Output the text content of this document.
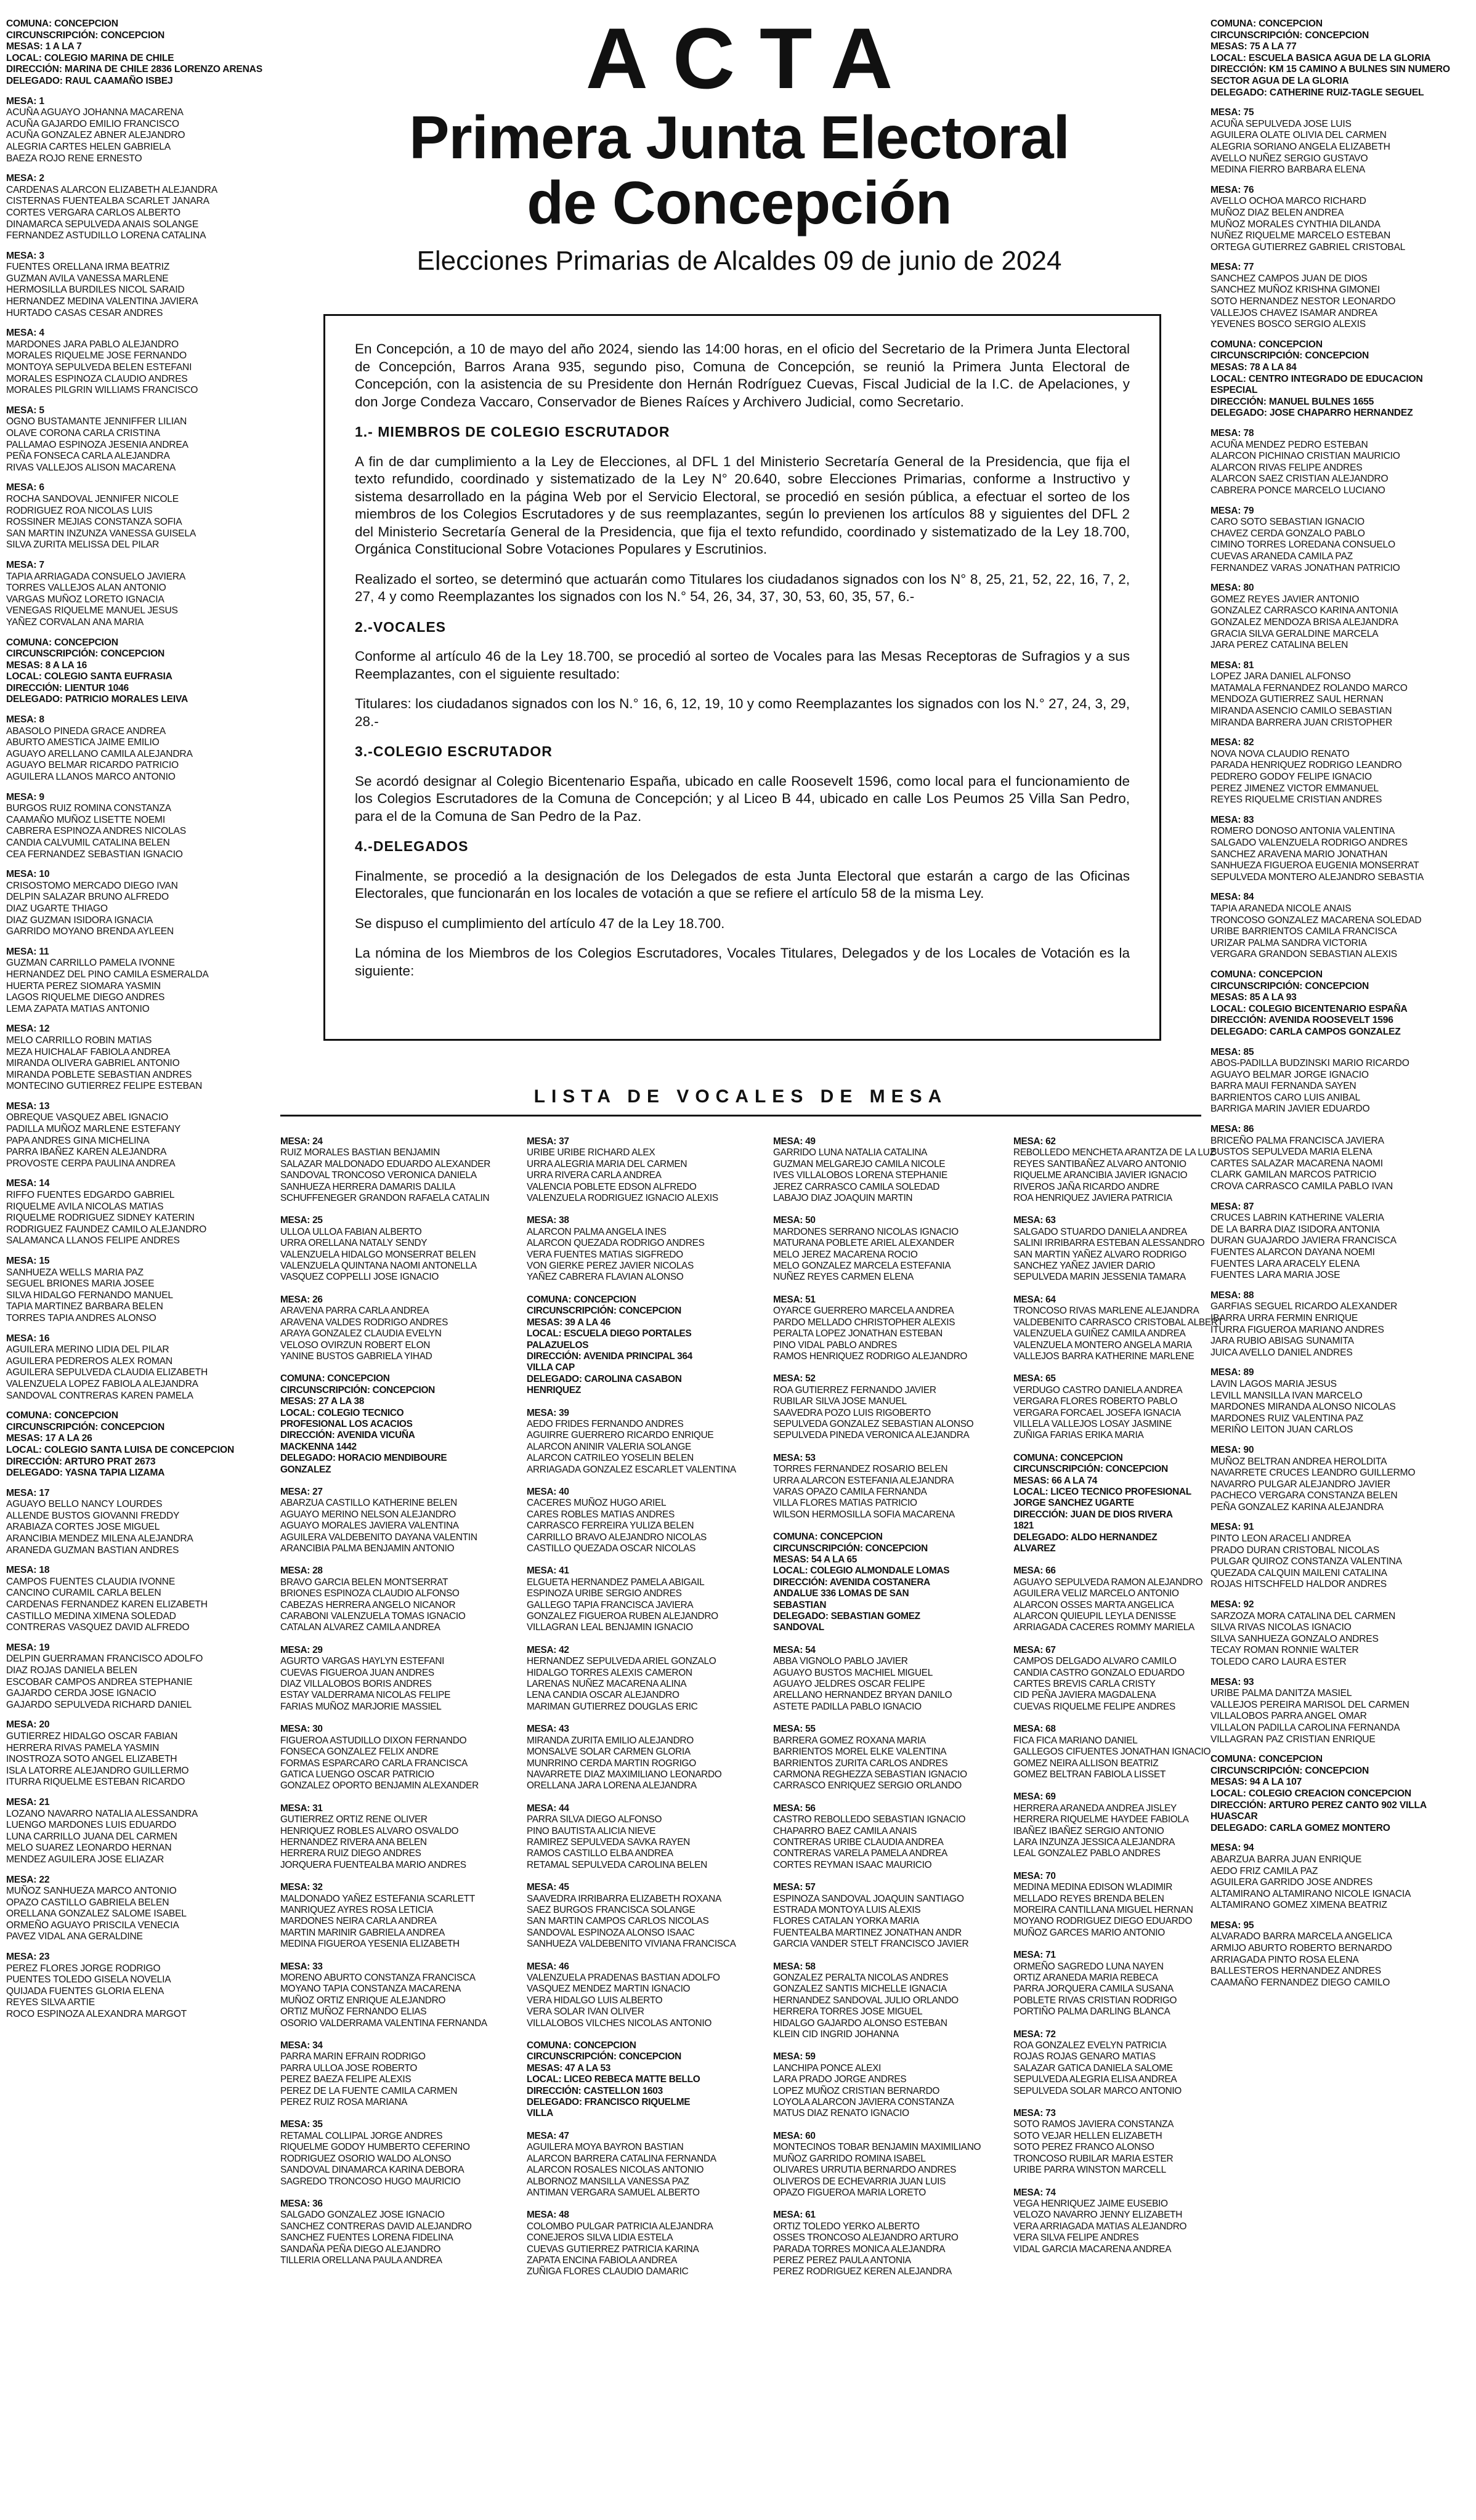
COMUNA: CONCEPCION
CIRCUNSCRIPCIÓN: CONCEPCION
MESAS: 1 A LA 7
LOCAL: COLEGIO MARINA DE CHILE
DIRECCIÓN: MARINA DE CHILE 2836 LORENZO ARENAS
DELEGADO: RAUL CAAMAÑO ISBEJ
MESA: 1
ACUÑA AGUAYO JOHANNA MACARENA
ACUÑA GAJARDO EMILIO FRANCISCO
ACUÑA GONZALEZ ABNER ALEJANDRO
ALEGRIA CARTES HELEN GABRIELA
BAEZA ROJO RENE ERNESTO
MESA: 2
CARDENAS ALARCON ELIZABETH ALEJANDRA
CISTERNAS FUENTEALBA SCARLET JANARA
CORTES VERGARA CARLOS ALBERTO
DINAMARCA SEPULVEDA ANAIS SOLANGE
FERNANDEZ ASTUDILLO LORENA CATALINA
MESA: 3
FUENTES ORELLANA IRMA BEATRIZ
GUZMAN AVILA VANESSA MARLENE
HERMOSILLA BURDILES NICOL SARAID
HERNANDEZ MEDINA VALENTINA JAVIERA
HURTADO CASAS CESAR ANDRES
MESA: 4
MARDONES JARA PABLO ALEJANDRO
MORALES RIQUELME JOSE FERNANDO
MONTOYA SEPULVEDA BELEN ESTEFANI
MORALES ESPINOZA CLAUDIO ANDRES
MORALES PILGRIN WILLIAMS FRANCISCO
MESA: 5
OGNO BUSTAMANTE JENNIFFER LILIAN
OLAVE CORONA CARLA CRISTINA
PALLAMAO ESPINOZA JESENIA ANDREA
PEÑA FONSECA CARLA ALEJANDRA
RIVAS VALLEJOS ALISON MACARENA
MESA: 6
ROCHA SANDOVAL JENNIFER NICOLE
RODRIGUEZ ROA NICOLAS LUIS
ROSSINER MEJIAS CONSTANZA SOFIA
SAN MARTIN INZUNZA VANESSA GUISELA
SILVA ZURITA MELISSA DEL PILAR
MESA: 7
TAPIA ARRIAGADA CONSUELO JAVIERA
TORRES VALLEJOS ALAN ANTONIO
VARGAS MUÑOZ LORETO IGNACIA
VENEGAS RIQUELME MANUEL JESUS
YAÑEZ CORVALAN ANA MARIA
COMUNA: CONCEPCION
CIRCUNSCRIPCIÓN: CONCEPCION
MESAS: 8 A LA 16
LOCAL: COLEGIO SANTA EUFRASIA
DIRECCIÓN: LIENTUR 1046
DELEGADO: PATRICIO MORALES LEIVA
MESA: 8
ABASOLO PINEDA GRACE ANDREA
ABURTO AMESTICA JAIME EMILIO
AGUAYO ARELLANO CAMILA ALEJANDRA
AGUAYO BELMAR RICARDO PATRICIO
AGUILERA LLANOS MARCO ANTONIO
MESA: 9
BURGOS RUIZ ROMINA CONSTANZA
CAAMAÑO MUÑOZ LISETTE NOEMI
CABRERA ESPINOZA ANDRES NICOLAS
CANDIA CALVUMIL CATALINA BELEN
CEA FERNANDEZ SEBASTIAN IGNACIO
MESA: 10
CRISOSTOMO MERCADO DIEGO IVAN
DELPIN SALAZAR BRUNO ALFREDO
DIAZ UGARTE THIAGO
DIAZ GUZMAN ISIDORA IGNACIA
GARRIDO MOYANO BRENDA AYLEEN
MESA: 11
GUZMAN CARRILLO PAMELA IVONNE
HERNANDEZ DEL PINO CAMILA ESMERALDA
HUERTA PEREZ SIOMARA YASMIN
LAGOS RIQUELME DIEGO ANDRES
LEMA ZAPATA MATIAS ANTONIO
MESA: 12
MELO CARRILLO ROBIN MATIAS
MEZA HUICHALAF FABIOLA ANDREA
MIRANDA OLIVERA GABRIEL ANTONIO
MIRANDA POBLETE SEBASTIAN ANDRES
MONTECINO GUTIERREZ FELIPE ESTEBAN
MESA: 13
OBREQUE VASQUEZ ABEL IGNACIO
PADILLA MUÑOZ MARLENE ESTEFANY
PAPA ANDRES GINA MICHELINA
PARRA IBAÑEZ KAREN ALEJANDRA
PROVOSTE CERPA PAULINA ANDREA
MESA: 14
RIFFO FUENTES EDGARDO GABRIEL
RIQUELME AVILA NICOLAS MATIAS
RIQUELME RODRIGUEZ SIDNEY KATERIN
RODRIGUEZ FAUNDEZ CAMILO ALEJANDRO
SALAMANCA LLANOS FELIPE ANDRES
MESA: 15
SANHUEZA WELLS MARIA PAZ
SEGUEL BRIONES MARIA JOSEE
SILVA HIDALGO FERNANDO MANUEL
TAPIA MARTINEZ BARBARA BELEN
TORRES TAPIA ANDRES ALONSO
MESA: 16
AGUILERA MERINO LIDIA DEL PILAR
AGUILERA PEDREROS ALEX ROMAN
AGUILERA SEPULVEDA CLAUDIA ELIZABETH
VALENZUELA LOPEZ FABIOLA ALEJANDRA
SANDOVAL CONTRERAS KAREN PAMELA
COMUNA: CONCEPCION
CIRCUNSCRIPCIÓN: CONCEPCION
MESAS: 17 A LA 26
LOCAL: COLEGIO SANTA LUISA DE CONCEPCION
DIRECCIÓN: ARTURO PRAT 2673
DELEGADO: YASNA TAPIA LIZAMA
MESA: 17
AGUAYO BELLO NANCY LOURDES
ALLENDE BUSTOS GIOVANNI FREDDY
ARABIAZA CORTES JOSE MIGUEL
ARANCIBIA MENDEZ MILENA ALEJANDRA
ARANEDA GUZMAN BASTIAN ANDRES
MESA: 18
CAMPOS FUENTES CLAUDIA IVONNE
CANCINO CURAMIL CARLA BELEN
CARDENAS FERNANDEZ KAREN ELIZABETH
CASTILLO MEDINA XIMENA SOLEDAD
CONTRERAS VASQUEZ DAVID ALFREDO
MESA: 19
DELPIN GUERRAMAN FRANCISCO ADOLFO
DIAZ ROJAS DANIELA BELEN
ESCOBAR CAMPOS ANDREA STEPHANIE
GAJARDO CERDA JOSE IGNACIO
GAJARDO SEPULVEDA RICHARD DANIEL
MESA: 20
GUTIERREZ HIDALGO OSCAR FABIAN
HERRERA RIVAS PAMELA YASMIN
INOSTROZA SOTO ANGEL ELIZABETH
ISLA LATORRE ALEJANDRO GUILLERMO
ITURRA RIQUELME ESTEBAN RICARDO
MESA: 21
LOZANO NAVARRO NATALIA ALESSANDRA
LUENGO MARDONES LUIS EDUARDO
LUNA CARRILLO JUANA DEL CARMEN
MELO SUAREZ LEONARDO HERNAN
MENDEZ AGUILERA JOSE ELIAZAR
MESA: 22
MUÑOZ SANHUEZA MARCO ANTONIO
OPAZO CASTILLO GABRIELA BELEN
ORELLANA GONZALEZ SALOME ISABEL
ORMEÑO AGUAYO PRISCILA VENECIA
PAVEZ VIDAL ANA GERALDINE
MESA: 23
PEREZ FLORES JORGE RODRIGO
PUENTES TOLEDO GISELA NOVELIA
QUIJADA FUENTES GLORIA ELENA
REYES SILVA ARTIE
ROCO ESPINOZA ALEXANDRA MARGOT
ACTA
Primera Junta Electoral
de Concepción
Elecciones Primarias de Alcaldes 09 de junio de 2024

En Concepción, a 10 de mayo del año 2024, siendo las 14:00 horas, en el oficio del Secretario de la Primera Junta Electoral de Concepción, Barros Arana 935, segundo piso, Comuna de Concepción, se reunió la Primera Junta Electoral de Concepción, con la asistencia de su Presidente don Hernán Rodríguez Cuevas, Fiscal Judicial de la I.C. de Apelaciones, y don Jorge Condeza Vaccaro, Conservador de Bienes Raíces y Archivero Judicial, como Secretario.

1.- MIEMBROS DE COLEGIO ESCRUTADOR

A fin de dar cumplimiento a la Ley de Elecciones, al DFL 1 del Ministerio Secretaría General de la Presidencia, que fija el texto refundido, coordinado y sistematizado de la Ley N° 20.640, sobre Elecciones Primarias, conforme a Instructivo y sistema desarrollado en la página Web por el Servicio Electoral, se procedió en sesión pública, a efectuar el sorteo de los miembros de los Colegios Escrutadores y de sus reemplazantes, según lo previenen los artículos 88 y siguientes del DFL 2 del Ministerio Secretaría General de la Presidencia, que fija el texto refundido, coordinado y sistematizado de la Ley 18.700, Orgánica Constitucional Sobre Votaciones Populares y Escrutinios.

Realizado el sorteo, se determinó que actuarán como Titulares los ciudadanos signados con los N° 8, 25, 21, 52, 22, 16, 7, 2, 27, 4 y como Reemplazantes los signados con los N.° 54, 26, 34, 37, 30, 53, 60, 35, 57, 6.-

2.-VOCALES

Conforme al artículo 46 de la Ley 18.700, se procedió al sorteo de Vocales para las Mesas Receptoras de Sufragios y a sus Reemplazantes, con el siguiente resultado:

Titulares: los ciudadanos signados con los N.° 16, 6, 12, 19, 10 y como Reemplazantes los signados con los N.° 27, 24, 3, 29, 28.-

3.-COLEGIO ESCRUTADOR

Se acordó designar al Colegio Bicentenario España, ubicado en calle Roosevelt 1596, como local para el funcionamiento de los Colegios Escrutadores de la Comuna de Concepción; y al Liceo B 44, ubicado en calle Los Peumos 25 Villa San Pedro, para el de la Comuna de San Pedro de la Paz.

4.-DELEGADOS

Finalmente, se procedió a la designación de los Delegados de esta Junta Electoral que estarán a cargo de las Oficinas Electorales, que funcionarán en los locales de votación a que se refiere el artículo 58 de la misma Ley.

Se dispuso el cumplimiento del artículo 47 de la Ley 18.700.

La nómina de los Miembros de los Colegios Escrutadores, Vocales Titulares, Delegados y de los Locales de Votación es la siguiente:

LISTA DE VOCALES DE MESA
MESA: 24
RUIZ MORALES BASTIAN BENJAMIN
SALAZAR MALDONADO EDUARDO ALEXANDER
SANDOVAL TRONCOSO VERONICA DANIELA
SANHUEZA HERRERA DAMARIS DALILA
SCHUFFENEGER GRANDON RAFAELA CATALIN
MESA: 25
ULLOA ULLOA FABIAN ALBERTO
URRA ORELLANA NATALY SENDY
VALENZUELA HIDALGO MONSERRAT BELEN
VALENZUELA QUINTANA NAOMI ANTONELLA
VASQUEZ COPPELLI JOSE IGNACIO
MESA: 26
ARAVENA PARRA CARLA ANDREA
ARAVENA VALDES RODRIGO ANDRES
ARAYA GONZALEZ CLAUDIA EVELYN
VELOSO OVIRZUN ROBERT ELON
YANINE BUSTOS GABRIELA YIHAD
COMUNA: CONCEPCION
CIRCUNSCRIPCIÓN: CONCEPCION
MESAS: 27 A LA 38
LOCAL: COLEGIO TECNICO PROFESIONAL LOS ACACIOS
DIRECCIÓN: AVENIDA VICUÑA MACKENNA 1442
DELEGADO: HORACIO MENDIBOURE GONZALEZ
MESA: 27
ABARZUA CASTILLO KATHERINE BELEN
AGUAYO MERINO NELSON ALEJANDRO
AGUAYO MORALES JAVIERA VALENTINA
AGUILERA VALDEBENITO DAYANA VALENTIN
ARANCIBIA PALMA BENJAMIN ANTONIO
MESA: 28
BRAVO GARCIA BELEN MONTSERRAT
BRIONES ESPINOZA CLAUDIO ALFONSO
CABEZAS HERRERA ANGELO NICANOR
CARABONI VALENZUELA TOMAS IGNACIO
CATALAN ALVAREZ CAMILA ANDREA
MESA: 29
AGURTO VARGAS HAYLYN ESTEFANI
CUEVAS FIGUEROA JUAN ANDRES
DIAZ VILLALOBOS BORIS ANDRES
ESTAY VALDERRAMA NICOLAS FELIPE
FARIAS MUÑOZ MARJORIE MASSIEL
MESA: 30
FIGUEROA ASTUDILLO DIXON FERNANDO
FONSECA GONZALEZ FELIX ANDRE
FORMAS ESPARCARO CARLA FRANCISCA
GATICA LUENGO OSCAR PATRICIO
GONZALEZ OPORTO BENJAMIN ALEXANDER
MESA: 31
GUTIERREZ ORTIZ RENE OLIVER
HENRIQUEZ ROBLES ALVARO OSVALDO
HERNANDEZ RIVERA ANA BELEN
HERRERA RUIZ DIEGO ANDRES
JORQUERA FUENTEALBA MARIO ANDRES
MESA: 32
MALDONADO YAÑEZ ESTEFANIA SCARLETT
MANRIQUEZ AYRES ROSA LETICIA
MARDONES NEIRA CARLA ANDREA
MARTIN MARINIR GABRIELA ANDREA
MEDINA FIGUEROA YESENIA ELIZABETH
MESA: 33
MORENO ABURTO CONSTANZA FRANCISCA
MOYANO TAPIA CONSTANZA MACARENA
MUÑOZ ORTIZ ENRIQUE ALEJANDRO
ORTIZ MUÑOZ FERNANDO ELIAS
OSORIO VALDERRAMA VALENTINA FERNANDA
MESA: 34
PARRA MARIN EFRAIN RODRIGO
PARRA ULLOA JOSE ROBERTO
PEREZ BAEZA FELIPE ALEXIS
PEREZ DE LA FUENTE CAMILA CARMEN
PEREZ RUIZ ROSA MARIANA
MESA: 35
RETAMAL COLLIPAL JORGE ANDRES
RIQUELME GODOY HUMBERTO CEFERINO
RODRIGUEZ OSORIO WALDO ALONSO
SANDOVAL DINAMARCA KARINA DEBORA
SAGREDO TRONCOSO HUGO MAURICIO
MESA: 36
SALGADO GONZALEZ JOSE IGNACIO
SANCHEZ CONTRERAS DAVID ALEJANDRO
SANCHEZ FUENTES LORENA FIDELINA
SANDAÑA PEÑA DIEGO ALEJANDRO
TILLERIA ORELLANA PAULA ANDREA
MESA: 37
URIBE URIBE RICHARD ALEX
URRA ALEGRIA MARIA DEL CARMEN
URRA RIVERA CARLA ANDREA
VALENCIA POBLETE EDSON ALFREDO
VALENZUELA RODRIGUEZ IGNACIO ALEXIS
MESA: 38
ALARCON PALMA ANGELA INES
ALARCON QUEZADA RODRIGO ANDRES
VERA FUENTES MATIAS SIGFREDO
VON GIERKE PEREZ JAVIER NICOLAS
YAÑEZ CABRERA FLAVIAN ALONSO
COMUNA: CONCEPCION
CIRCUNSCRIPCIÓN: CONCEPCION
MESAS: 39 A LA 46
LOCAL: ESCUELA DIEGO PORTALES PALAZUELOS
DIRECCIÓN: AVENIDA PRINCIPAL 364 VILLA CAP
DELEGADO: CAROLINA CASABON HENRIQUEZ
MESA: 39
AEDO FRIDES FERNANDO ANDRES
AGUIRRE GUERRERO RICARDO ENRIQUE
ALARCON ANINIR VALERIA SOLANGE
ALARCON CATRILEO YOSELIN BELEN
ARRIAGADA GONZALEZ ESCARLET VALENTINA
MESA: 40
CACERES MUÑOZ HUGO ARIEL
CARES ROBLES MATIAS ANDRES
CARRASCO FERREIRA YULIZA BELEN
CARRILLO BRAVO ALEJANDRO NICOLAS
CASTILLO QUEZADA OSCAR NICOLAS
MESA: 41
ELGUETA HERNANDEZ PAMELA ABIGAIL
ESPINOZA URIBE SERGIO ANDRES
GALLEGO TAPIA FRANCISCA JAVIERA
GONZALEZ FIGUEROA RUBEN ALEJANDRO
VILLAGRAN LEAL BENJAMIN IGNACIO
MESA: 42
HERNANDEZ SEPULVEDA ARIEL GONZALO
HIDALGO TORRES ALEXIS CAMERON
LARENAS NUÑEZ MACARENA ALINA
LENA CANDIA OSCAR ALEJANDRO
MARIMAN GUTIERREZ DOUGLAS ERIC
MESA: 43
MIRANDA ZURITA EMILIO ALEJANDRO
MONSALVE SOLAR CARMEN GLORIA
MUNRRINO CERDA MARTIN ROGRIGO
NAVARRETE DIAZ MAXIMILIANO LEONARDO
ORELLANA JARA LORENA ALEJANDRA
MESA: 44
PARRA SILVA DIEGO ALFONSO
PINO BAUTISTA ALICIA NIEVE
RAMIREZ SEPULVEDA SAVKA RAYEN
RAMOS CASTILLO ELBA ANDREA
RETAMAL SEPULVEDA CAROLINA BELEN
MESA: 45
SAAVEDRA IRRIBARRA ELIZABETH ROXANA
SAEZ BURGOS FRANCISCA SOLANGE
SAN MARTIN CAMPOS CARLOS NICOLAS
SANDOVAL ESPINOZA ALONSO ISAAC
SANHUEZA VALDEBENITO VIVIANA FRANCISCA
MESA: 46
VALENZUELA PRADENAS BASTIAN ADOLFO
VASQUEZ MENDEZ MARTIN IGNACIO
VERA HIDALGO LUIS ALBERTO
VERA SOLAR IVAN OLIVER
VILLALOBOS VILCHES NICOLAS ANTONIO
COMUNA: CONCEPCION
CIRCUNSCRIPCIÓN: CONCEPCION
MESAS: 47 A LA 53
LOCAL: LICEO REBECA MATTE BELLO
DIRECCIÓN: CASTELLON 1603
DELEGADO: FRANCISCO RIQUELME VILLA
MESA: 47
AGUILERA MOYA BAYRON BASTIAN
ALARCON BARRERA CATALINA FERNANDA
ALARCON ROSALES NICOLAS ANTONIO
ALBORNOZ MANSILLA VANESSA PAZ
ANTIMAN VERGARA SAMUEL ALBERTO
MESA: 48
COLOMBO PULGAR PATRICIA ALEJANDRA
CONEJEROS SILVA LIDIA ESTELA
CUEVAS GUTIERREZ PATRICIA KARINA
ZAPATA ENCINA FABIOLA ANDREA
ZUÑIGA FLORES CLAUDIO DAMARIC
MESA: 49
GARRIDO LUNA NATALIA CATALINA
GUZMAN MELGAREJO CAMILA NICOLE
IVES VILLALOBOS LORENA STEPHANIE
JEREZ CARRASCO CAMILA SOLEDAD
LABAJO DIAZ JOAQUIN MARTIN
MESA: 50
MARDONES SERRANO NICOLAS IGNACIO
MATURANA POBLETE ARIEL ALEXANDER
MELO JEREZ MACARENA ROCIO
MELO GONZALEZ MARCELA ESTEFANIA
NUÑEZ REYES CARMEN ELENA
MESA: 51
OYARCE GUERRERO MARCELA ANDREA
PARDO MELLADO CHRISTOPHER ALEXIS
PERALTA LOPEZ JONATHAN ESTEBAN
PINO VIDAL PABLO ANDRES
RAMOS HENRIQUEZ RODRIGO ALEJANDRO
MESA: 52
ROA GUTIERREZ FERNANDO JAVIER
RUBILAR SILVA JOSE MANUEL
SAAVEDRA POZO LUIS RIGOBERTO
SEPULVEDA GONZALEZ SEBASTIAN ALONSO
SEPULVEDA PINEDA VERONICA ALEJANDRA
MESA: 53
TORRES FERNANDEZ ROSARIO BELEN
URRA ALARCON ESTEFANIA ALEJANDRA
VARAS OPAZO CAMILA FERNANDA
VILLA FLORES MATIAS PATRICIO
WILSON HERMOSILLA SOFIA MACARENA
COMUNA: CONCEPCION
CIRCUNSCRIPCIÓN: CONCEPCION
MESAS: 54 A LA 65
LOCAL: COLEGIO ALMONDALE LOMAS
DIRECCIÓN: AVENIDA COSTANERA ANDALUE 336 LOMAS DE SAN SEBASTIAN
DELEGADO: SEBASTIAN GOMEZ SANDOVAL
MESA: 54
ABBA VIGNOLO PABLO JAVIER
AGUAYO BUSTOS MACHIEL MIGUEL
AGUAYO JELDRES OSCAR FELIPE
ARELLANO HERNANDEZ BRYAN DANILO
ASTETE PADILLA PABLO IGNACIO
MESA: 55
BARRERA GOMEZ ROXANA MARIA
BARRIENTOS MOREL ELKE VALENTINA
BARRIENTOS ZURITA CARLOS ANDRES
CARMONA REGHEZZA SEBASTIAN IGNACIO
CARRASCO ENRIQUEZ SERGIO ORLANDO
MESA: 56
CASTRO REBOLLEDO SEBASTIAN IGNACIO
CHAPARRO BAEZ CAMILA ANAIS
CONTRERAS URIBE CLAUDIA ANDREA
CONTRERAS VARELA PAMELA ANDREA
CORTES REYMAN ISAAC MAURICIO
MESA: 57
ESPINOZA SANDOVAL JOAQUIN SANTIAGO
ESTRADA MONTOYA LUIS ALEXIS
FLORES CATALAN YORKA MARIA
FUENTEALBA MARTINEZ JONATHAN ANDR
GARCIA VANDER STELT FRANCISCO JAVIER
MESA: 58
GONZALEZ PERALTA NICOLAS ANDRES
GONZALEZ SANTIS MICHELLE IGNACIA
HERNANDEZ SANDOVAL JULIO ORLANDO
HERRERA TORRES JOSE MIGUEL
HIDALGO GAJARDO ALONSO ESTEBAN
KLEIN CID INGRID JOHANNA
MESA: 59
LANCHIPA PONCE ALEXI
LARA PRADO JORGE ANDRES
LOPEZ MUÑOZ CRISTIAN BERNARDO
LOYOLA ALARCON JAVIERA CONSTANZA
MATUS DIAZ RENATO IGNACIO
MESA: 60
MONTECINOS TOBAR BENJAMIN MAXIMILIANO
MUÑOZ GARRIDO ROMINA ISABEL
OLIVARES URRUTIA BERNARDO ANDRES
OLIVEROS DE ECHEVARRIA JUAN LUIS
OPAZO FIGUEROA MARIA LORETO
MESA: 61
ORTIZ TOLEDO YERKO ALBERTO
OSSES TRONCOSO ALEJANDRO ARTURO
PARADA TORRES MONICA ALEJANDRA
PEREZ PEREZ PAULA ANTONIA
PEREZ RODRIGUEZ KEREN ALEJANDRA
MESA: 62
REBOLLEDO MENCHETA ARANTZA DE LA LUZ
REYES SANTIBAÑEZ ALVARO ANTONIO
RIQUELME ARANCIBIA JAVIER IGNACIO
RIVEROS JAÑA RICARDO ANDRE
ROA HENRIQUEZ JAVIERA PATRICIA
MESA: 63
SALGADO STUARDO DANIELA ANDREA
SALINI IRRIBARRA ESTEBAN ALESSANDRO
SAN MARTIN YAÑEZ ALVARO RODRIGO
SANCHEZ YAÑEZ JAVIER DARIO
SEPULVEDA MARIN JESSENIA TAMARA
MESA: 64
TRONCOSO RIVAS MARLENE ALEJANDRA
VALDEBENITO CARRASCO CRISTOBAL ALBERT
VALENZUELA GUIÑEZ CAMILA ANDREA
VALENZUELA MONTERO ANGELA MARIA
VALLEJOS BARRA KATHERINE MARLENE
MESA: 65
VERDUGO CASTRO DANIELA ANDREA
VERGARA FLORES ROBERTO PABLO
VERGARA FORCAEL JOSEFA IGNACIA
VILLELA VALLEJOS LOSAY JASMINE
ZUÑIGA FARIAS ERIKA MARIA
COMUNA: CONCEPCION
CIRCUNSCRIPCIÓN: CONCEPCION
MESAS: 66 A LA 74
LOCAL: LICEO TECNICO PROFESIONAL JORGE SANCHEZ UGARTE
DIRECCIÓN: JUAN DE DIOS RIVERA 1821
DELEGADO: ALDO HERNANDEZ ALVAREZ
MESA: 66
AGUAYO SEPULVEDA RAMON ALEJANDRO
AGUILERA VELIZ MARCELO ANTONIO
ALARCON OSSES MARTA ANGELICA
ALARCON QUIEUPIL LEYLA DENISSE
ARRIAGADA CACERES ROMMY MARIELA
MESA: 67
CAMPOS DELGADO ALVARO CAMILO
CANDIA CASTRO GONZALO EDUARDO
CARTES BREVIS CARLA CRISTY
CID PEÑA JAVIERA MAGDALENA
CUEVAS RIQUELME FELIPE ANDRES
MESA: 68
FICA FICA MARIANO DANIEL
GALLEGOS CIFUENTES JONATHAN IGNACIO
GOMEZ NEIRA ALLISON BEATRIZ
GOMEZ BELTRAN FABIOLA LISSET
MESA: 69
HERRERA ARANEDA ANDREA JISLEY
HERRERA RIQUELME HAYDEE FABIOLA
IBAÑEZ IBAÑEZ SERGIO ANTONIO
LARA INZUNZA JESSICA ALEJANDRA
LEAL GONZALEZ PABLO ANDRES
MESA: 70
MEDINA MEDINA EDISON WLADIMIR
MELLADO REYES BRENDA BELEN
MOREIRA CANTILLANA MIGUEL HERNAN
MOYANO RODRIGUEZ DIEGO EDUARDO
MUÑOZ GARCES MARIO ANTONIO
MESA: 71
ORMEÑO SAGREDO LUNA NAYEN
ORTIZ ARANEDA MARIA REBECA
PARRA JORQUERA CAMILA SUSANA
POBLETE RIVAS CRISTIAN RODRIGO
PORTIÑO PALMA DARLING BLANCA
MESA: 72
ROA GONZALEZ EVELYN PATRICIA
ROJAS ROJAS GENARO MATIAS
SALAZAR GATICA DANIELA SALOME
SEPULVEDA ALEGRIA ELISA ANDREA
SEPULVEDA SOLAR MARCO ANTONIO
MESA: 73
SOTO RAMOS JAVIERA CONSTANZA
SOTO VEJAR HELLEN ELIZABETH
SOTO PEREZ FRANCO ALONSO
TRONCOSO RUBILAR MARIA ESTER
URIBE PARRA WINSTON MARCELL
MESA: 74
VEGA HENRIQUEZ JAIME EUSEBIO
VELOZO NAVARRO JENNY ELIZABETH
VERA ARRIAGADA MATIAS ALEJANDRO
VERA SILVA FELIPE ANDRES
VIDAL GARCIA MACARENA ANDREA
COMUNA: CONCEPCION
CIRCUNSCRIPCIÓN: CONCEPCION
MESAS: 75 A LA 77
LOCAL: ESCUELA BASICA AGUA DE LA GLORIA
DIRECCIÓN: KM 15 CAMINO A BULNES SIN NUMERO SECTOR AGUA DE LA GLORIA
DELEGADO: CATHERINE RUIZ-TAGLE SEGUEL
MESA: 75
ACUÑA SEPULVEDA JOSE LUIS
AGUILERA OLATE OLIVIA DEL CARMEN
ALEGRIA SORIANO ANGELA ELIZABETH
AVELLO NUÑEZ SERGIO GUSTAVO
MEDINA FIERRO BARBARA ELENA
MESA: 76
AVELLO OCHOA MARCO RICHARD
MUÑOZ DIAZ BELEN ANDREA
MUÑOZ MORALES CYNTHIA DILANDA
NUÑEZ RIQUELME MARCELO ESTEBAN
ORTEGA GUTIERREZ GABRIEL CRISTOBAL
MESA: 77
SANCHEZ CAMPOS JUAN DE DIOS
SANCHEZ MUÑOZ KRISHNA GIMONEI
SOTO HERNANDEZ NESTOR LEONARDO
VALLEJOS CHAVEZ ISAMAR ANDREA
YEVENES BOSCO SERGIO ALEXIS
COMUNA: CONCEPCION
CIRCUNSCRIPCIÓN: CONCEPCION
MESAS: 78 A LA 84
LOCAL: CENTRO INTEGRADO DE EDUCACION ESPECIAL
DIRECCIÓN: MANUEL BULNES 1655
DELEGADO: JOSE CHAPARRO HERNANDEZ
MESA: 78
ACUÑA MENDEZ PEDRO ESTEBAN
ALARCON PICHINAO CRISTIAN MAURICIO
ALARCON RIVAS FELIPE ANDRES
ALARCON SAEZ CRISTIAN ALEJANDRO
CABRERA PONCE MARCELO LUCIANO
MESA: 79
CARO SOTO SEBASTIAN IGNACIO
CHAVEZ CERDA GONZALO PABLO
CIMINO TORRES LOREDANA CONSUELO
CUEVAS ARANEDA CAMILA PAZ
FERNANDEZ VARAS JONATHAN PATRICIO
MESA: 80
GOMEZ REYES JAVIER ANTONIO
GONZALEZ CARRASCO KARINA ANTONIA
GONZALEZ MENDOZA BRISA ALEJANDRA
GRACIA SILVA GERALDINE MARCELA
JARA PEREZ CATALINA BELEN
MESA: 81
LOPEZ JARA DANIEL ALFONSO
MATAMALA FERNANDEZ ROLANDO MARCO
MENDOZA GUTIERREZ SAUL HERNAN
MIRANDA ASENCIO CAMILO SEBASTIAN
MIRANDA BARRERA JUAN CRISTOPHER
MESA: 82
NOVA NOVA CLAUDIO RENATO
PARADA HENRIQUEZ RODRIGO LEANDRO
PEDRERO GODOY FELIPE IGNACIO
PEREZ JIMENEZ VICTOR EMMANUEL
REYES RIQUELME CRISTIAN ANDRES
MESA: 83
ROMERO DONOSO ANTONIA VALENTINA
SALGADO VALENZUELA RODRIGO ANDRES
SANCHEZ ARAVENA MARIO JONATHAN
SANHUEZA FIGUEROA EUGENIA MONSERRAT
SEPULVEDA MONTERO ALEJANDRO SEBASTIA
MESA: 84
TAPIA ARANEDA NICOLE ANAIS
TRONCOSO GONZALEZ MACARENA SOLEDAD
URIBE BARRIENTOS CAMILA FRANCISCA
URIZAR PALMA SANDRA VICTORIA
VERGARA GRANDON SEBASTIAN ALEXIS
COMUNA: CONCEPCION
CIRCUNSCRIPCIÓN: CONCEPCION
MESAS: 85 A LA 93
LOCAL: COLEGIO BICENTENARIO ESPAÑA
DIRECCIÓN: AVENIDA ROOSEVELT 1596
DELEGADO: CARLA CAMPOS GONZALEZ
MESA: 85
ABOS-PADILLA BUDZINSKI MARIO RICARDO
AGUAYO BELMAR JORGE IGNACIO
BARRA MAUI FERNANDA SAYEN
BARRIENTOS CARO LUIS ANIBAL
BARRIGA MARIN JAVIER EDUARDO
MESA: 86
BRICEÑO PALMA FRANCISCA JAVIERA
BUSTOS SEPULVEDA MARIA ELENA
CARTES SALAZAR MACARENA NAOMI
CLARK GAMILAN MARCOS PATRICIO
CROVA CARRASCO CAMILA PABLO IVAN
MESA: 87
CRUCES LABRIN KATHERINE VALERIA
DE LA BARRA DIAZ ISIDORA ANTONIA
DURAN GUAJARDO JAVIERA FRANCISCA
FUENTES ALARCON DAYANA NOEMI
FUENTES LARA ARACELY ELENA
FUENTES LARA MARIA JOSE
MESA: 88
GARFIAS SEGUEL RICARDO ALEXANDER
IBARRA URRA FERMIN ENRIQUE
ITURRA FIGUEROA MARIANO ANDRES
JARA RUBIO ABISAG SUNAMITA
JUICA AVELLO DANIEL ANDRES
MESA: 89
LAVIN LAGOS MARIA JESUS
LEVILL MANSILLA IVAN MARCELO
MARDONES MIRANDA ALONSO NICOLAS
MARDONES RUIZ VALENTINA PAZ
MERIÑO LEITON JUAN CARLOS
MESA: 90
MUÑOZ BELTRAN ANDREA HEROLDITA
NAVARRETE CRUCES LEANDRO GUILLERMO
NAVARRO PULGAR ALEJANDRO JAVIER
PACHECO VERGARA CONSTANZA BELEN
PEÑA GONZALEZ KARINA ALEJANDRA
MESA: 91
PINTO LEON ARACELI ANDREA
PRADO DURAN CRISTOBAL NICOLAS
PULGAR QUIROZ CONSTANZA VALENTINA
QUEZADA CALQUIN MAILENI CATALINA
ROJAS HITSCHFELD HALDOR ANDRES
MESA: 92
SARZOZA MORA CATALINA DEL CARMEN
SILVA RIVAS NICOLAS IGNACIO
SILVA SANHUEZA GONZALO ANDRES
TECAY ROMAN RONNIE WALTER
TOLEDO CARO LAURA ESTER
MESA: 93
URIBE PALMA DANITZA MASIEL
VALLEJOS PEREIRA MARISOL DEL CARMEN
VILLALOBOS PARRA ANGEL OMAR
VILLALON PADILLA CAROLINA FERNANDA
VILLAGRAN PAZ CRISTIAN ENRIQUE
COMUNA: CONCEPCION
CIRCUNSCRIPCIÓN: CONCEPCION
MESAS: 94 A LA 107
LOCAL: COLEGIO CREACION CONCEPCION
DIRECCIÓN: ARTURO PEREZ CANTO 902 VILLA HUASCAR
DELEGADO: CARLA GOMEZ MONTERO
MESA: 94
ABARZUA BARRA JUAN ENRIQUE
AEDO FRIZ CAMILA PAZ
AGUILERA GARRIDO JOSE ANDRES
ALTAMIRANO ALTAMIRANO NICOLE IGNACIA
ALTAMIRANO GOMEZ XIMENA BEATRIZ
MESA: 95
ALVARADO BARRA MARCELA ANGELICA
ARMIJO ABURTO ROBERTO BERNARDO
ARRIAGADA PINTO ROSA ELENA
BALLESTEROS HERNANDEZ ANDRES
CAAMAÑO FERNANDEZ DIEGO CAMILO
